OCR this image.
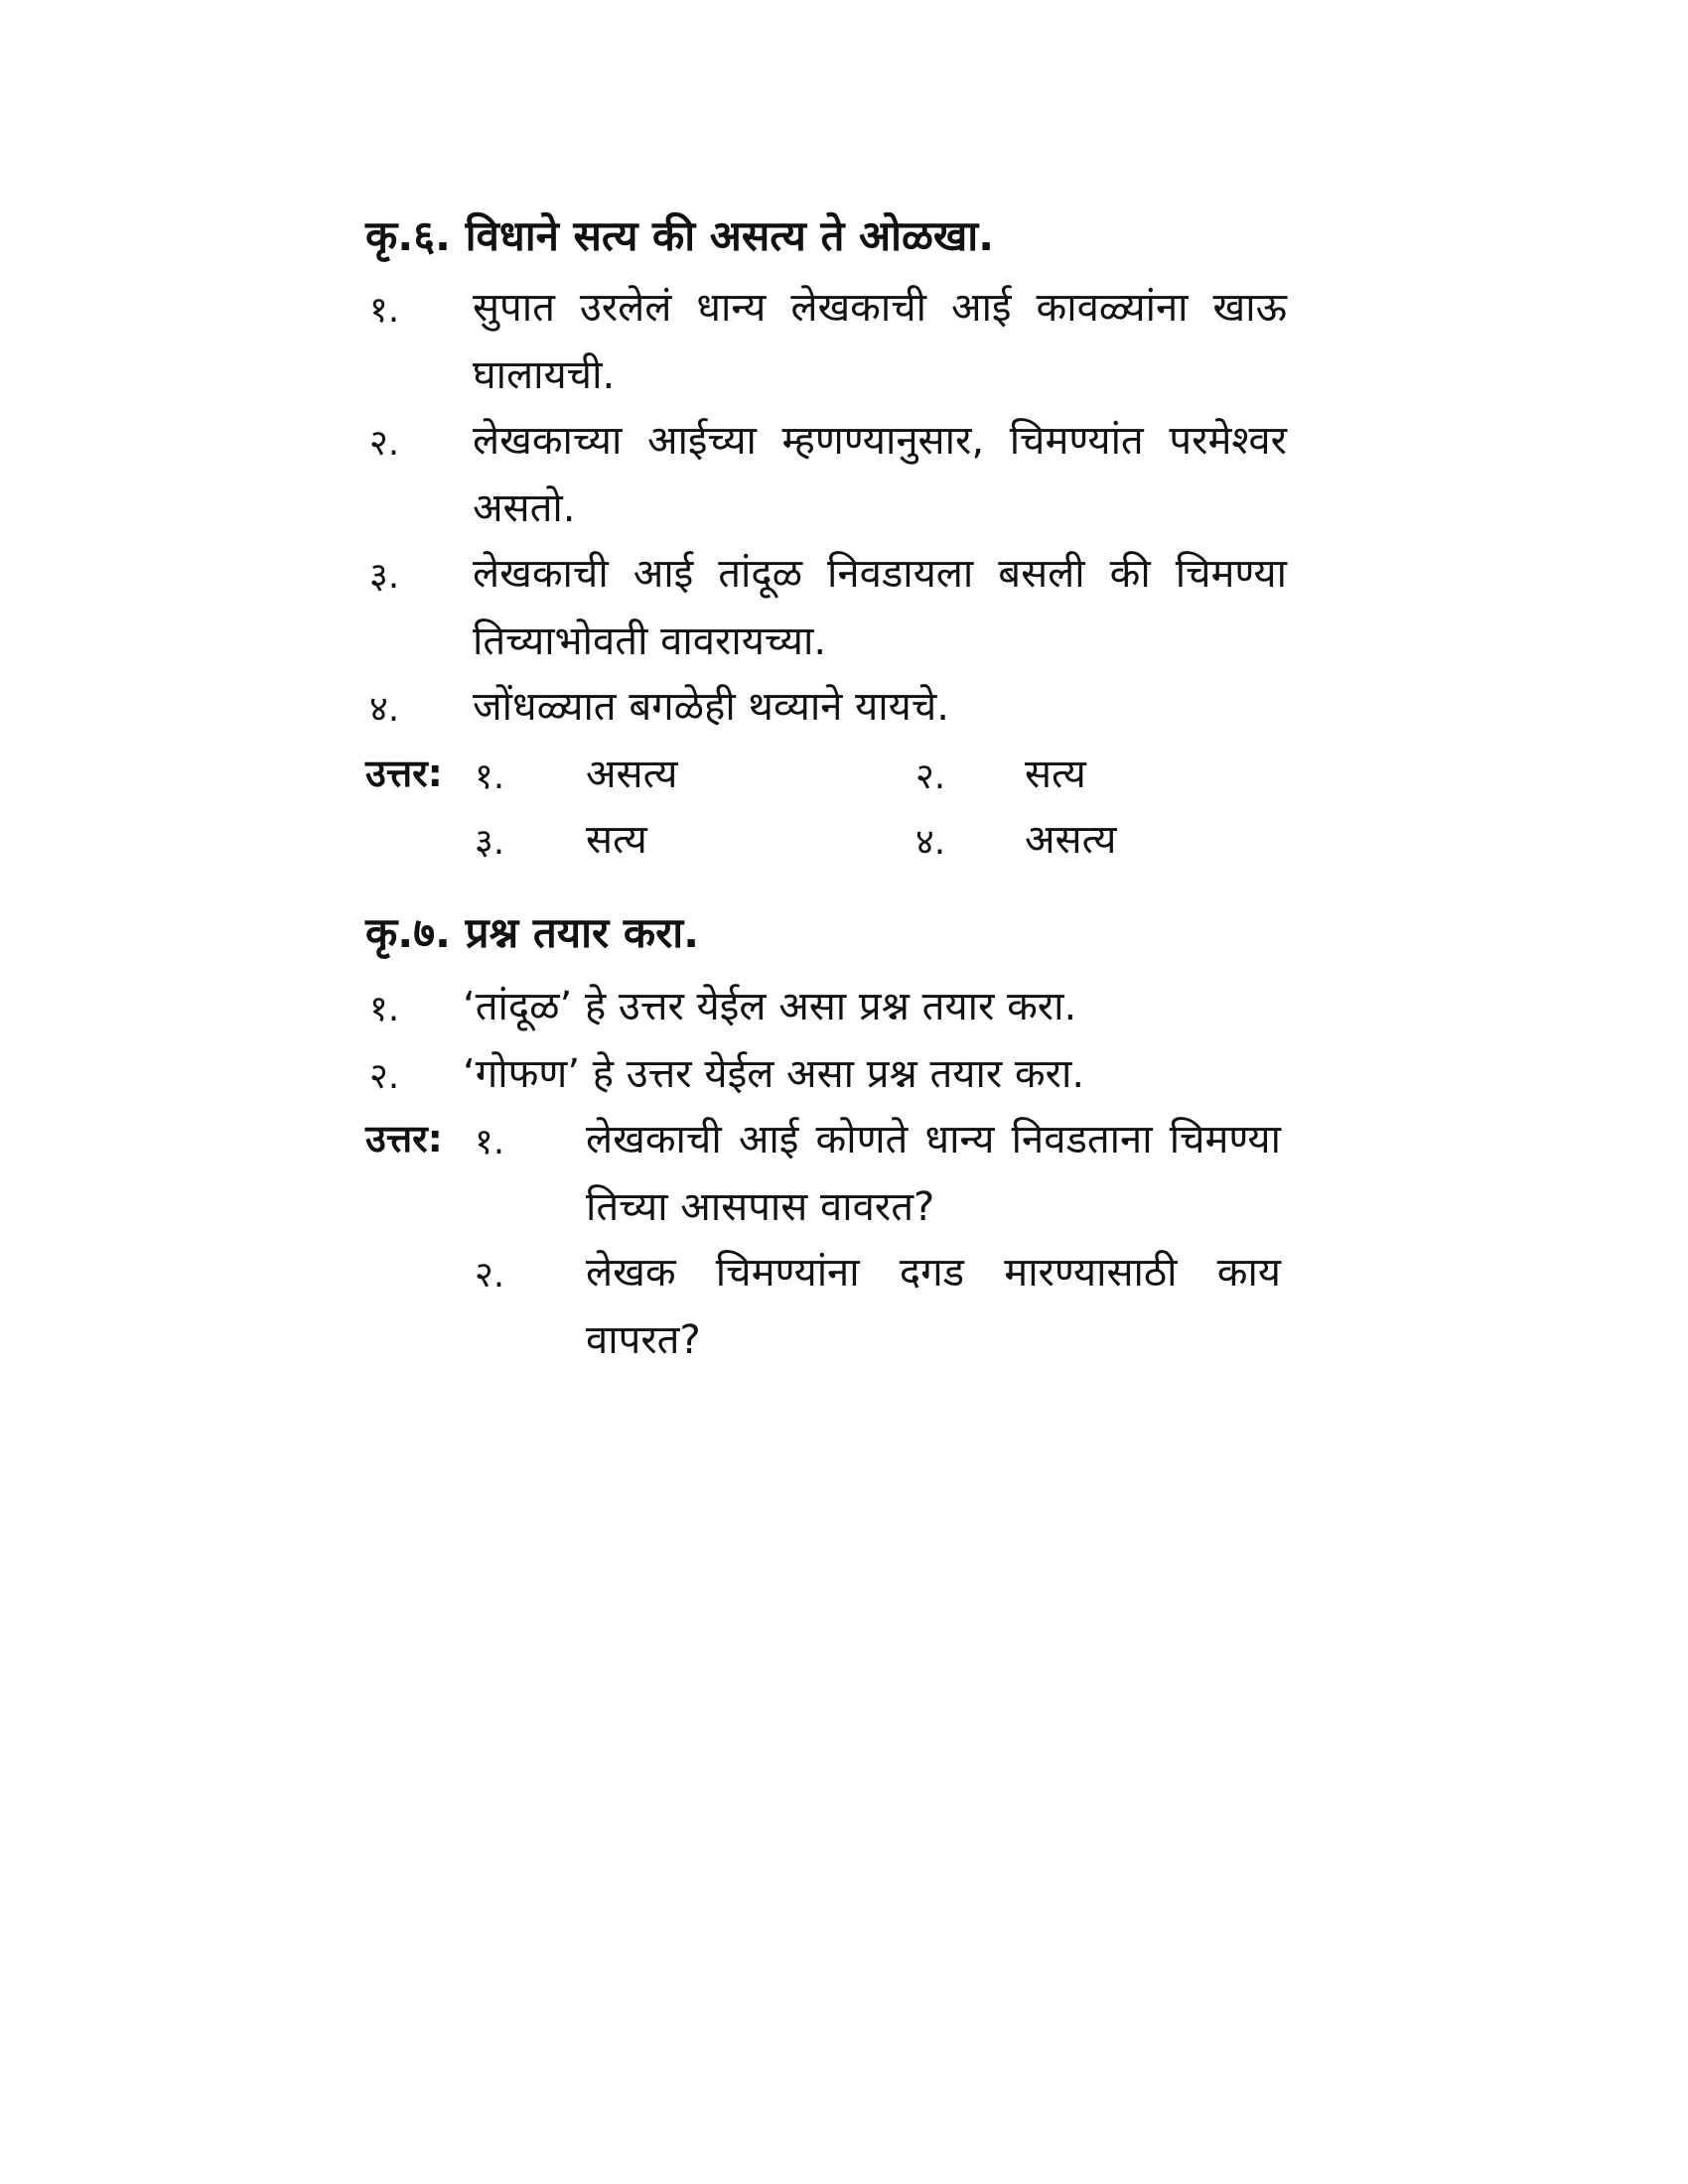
कृ.६. विधाने सत्य की असत्य ते ओळखा.
१. सुपात उरलेलं धान्य लेखकाची आई कावळ्यांना खाऊ
घालायची.
२. लेखकाच्या आईच्या म्हणण्यानुसार, चिमण्यांत परमेश्वर
असतो.
३. लेखकाची आई तांदूळ निवडायला बसली की चिमण्या
तिच्याभोवती वावरायच्या.
४. जोंधळ्यात बगळेही थव्याने यायचे.
उत्तर: १. असत्य	२. सत्य
३. सत्य	४. असत्य
कृ.७. प्रश्न तयार करा.
१. ‘तांदूळ’ हे उत्तर येईल असा प्रश्न तयार करा.
२. ‘गोफण’ हे उत्तर येईल असा प्रश्न तयार करा.
उत्तर: १. लेखकाची आई कोणते धान्य निवडताना चिमण्या
तिच्या आसपास वावरत?
२. लेखक चिमण्यांना दगड मारण्यासाठी काय
वापरत?
